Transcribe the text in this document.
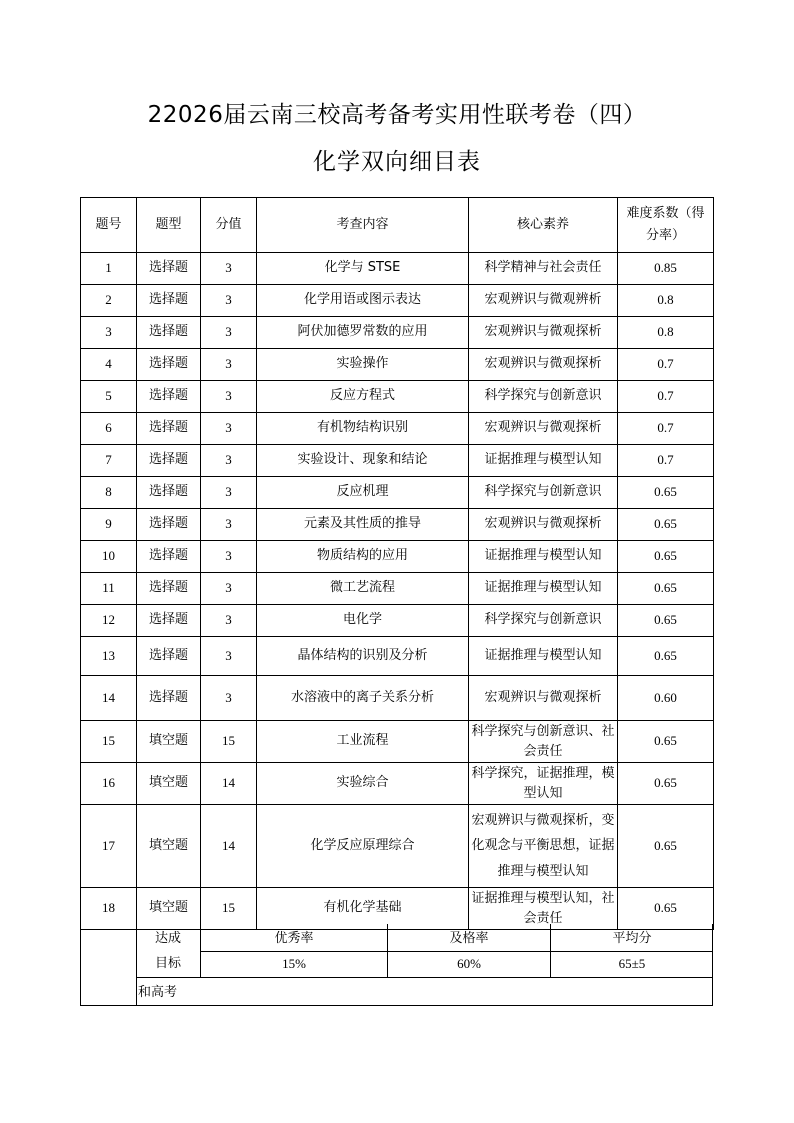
22026届云南三校高考备考实用性联考卷（四）
化学双向细目表
题号	题型	分值	考查内容	核心素养	难度系数（得分率）
1	选择题	3	化学与 STSE	科学精神与社会责任	0.85
2	选择题	3	化学用语或图示表达	宏观辨识与微观辨析	0.8
3	选择题	3	阿伏加德罗常数的应用	宏观辨识与微观探析	0.8
4	选择题	3	实验操作	宏观辨识与微观探析	0.7
5	选择题	3	反应方程式	科学探究与创新意识	0.7
6	选择题	3	有机物结构识别	宏观辨识与微观探析	0.7
7	选择题	3	实验设计、现象和结论	证据推理与模型认知	0.7
8	选择题	3	反应机理	科学探究与创新意识	0.65
9	选择题	3	元素及其性质的推导	宏观辨识与微观探析	0.65
10	选择题	3	物质结构的应用	证据推理与模型认知	0.65
11	选择题	3	微工艺流程	证据推理与模型认知	0.65
12	选择题	3	电化学	科学探究与创新意识	0.65
13	选择题	3	晶体结构的识别及分析	证据推理与模型认知	0.65
14	选择题	3	水溶液中的离子关系分析	宏观辨识与微观探析	0.60
15	填空题	15	工业流程	科学探究与创新意识、社会责任	0.65
16	填空题	14	实验综合	科学探究，证据推理，模型认知	0.65
17	填空题	14	化学反应原理综合	宏观辨识与微观探析，变化观念与平衡思想，证据推理与模型认知	0.65
18	填空题	15	有机化学基础	证据推理与模型认知，社会责任	0.65
达成
目标
优秀率	及格率	平均分
15%	60%	65±5
和高考
